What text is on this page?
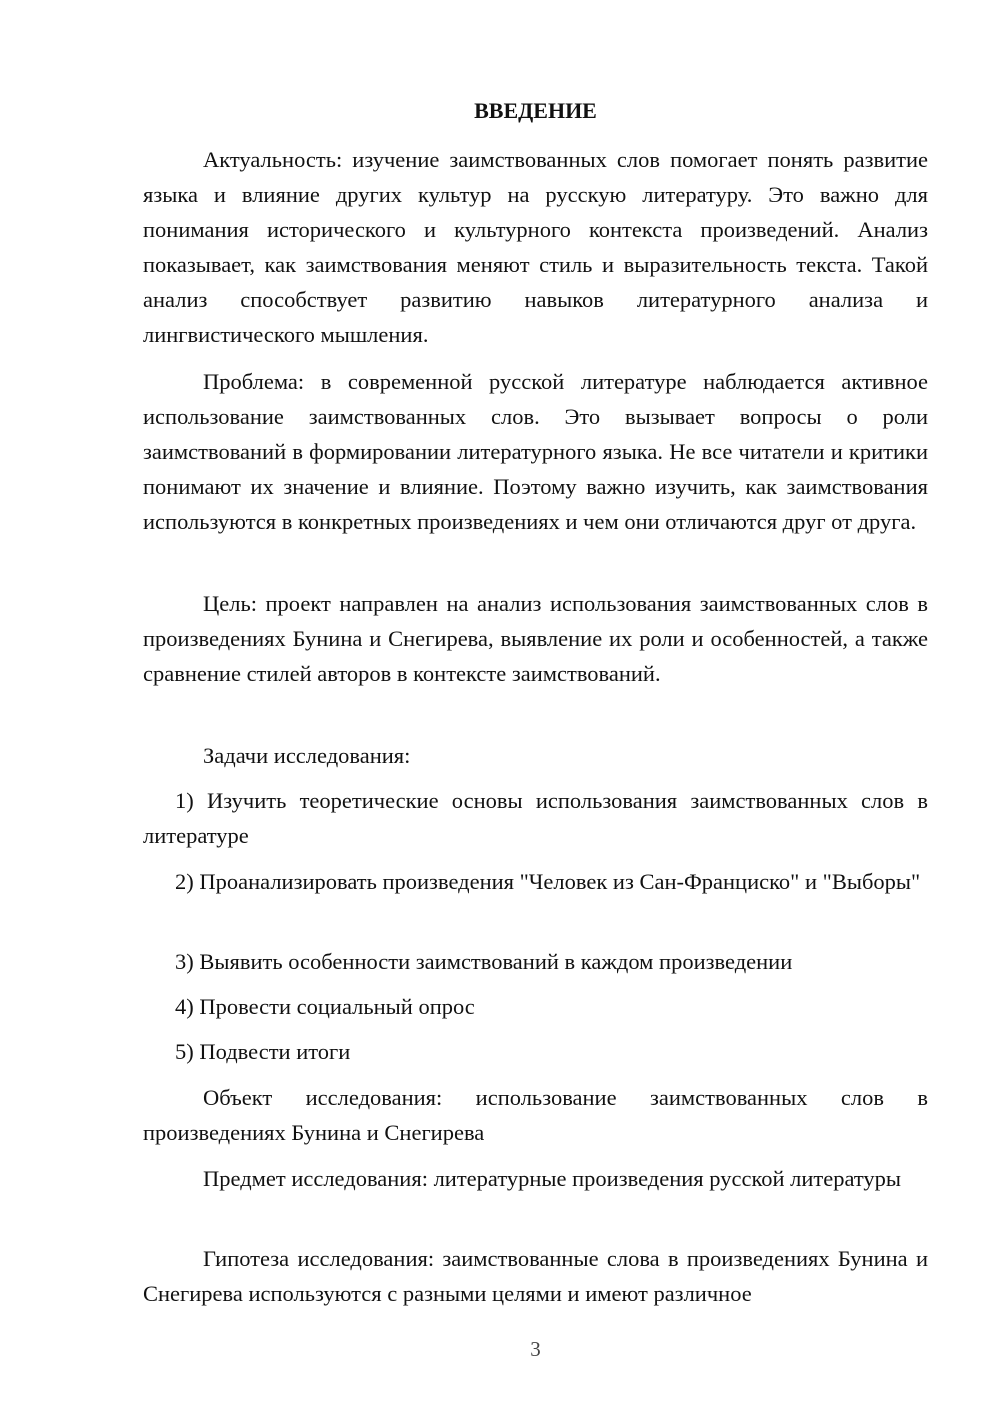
ВВЕДЕНИЕ

Актуальность: изучение заимствованных слов помогает понять развитие языка и влияние других культур на русскую литературу. Это важно для понимания исторического и культурного контекста произведений. Анализ показывает, как заимствования меняют стиль и выразительность текста. Такой анализ способствует развитию навыков литературного анализа и лингвистического мышления.

Проблема: в современной русской литературе наблюдается активное использование заимствованных слов. Это вызывает вопросы о роли заимствований в формировании литературного языка. Не все читатели и критики понимают их значение и влияние. Поэтому важно изучить, как заимствования используются в конкретных произведениях и чем они отличаются друг от друга.

Цель: проект направлен на анализ использования заимствованных слов в произведениях Бунина и Снегирева, выявление их роли и особенностей, а также сравнение стилей авторов в контексте заимствований.

Задачи исследования:

1) Изучить теоретические основы использования заимствованных слов в литературе

2) Проанализировать произведения "Человек из Сан-Франциско" и "Выборы"

3) Выявить особенности заимствований в каждом произведении

4) Провести социальный опрос

5) Подвести итоги

Объект исследования: использование заимствованных слов в произведениях Бунина и Снегирева

Предмет исследования: литературные произведения русской литературы

Гипотеза исследования: заимствованные слова в произведениях Бунина и Снегирева используются с разными целями и имеют различное

3
